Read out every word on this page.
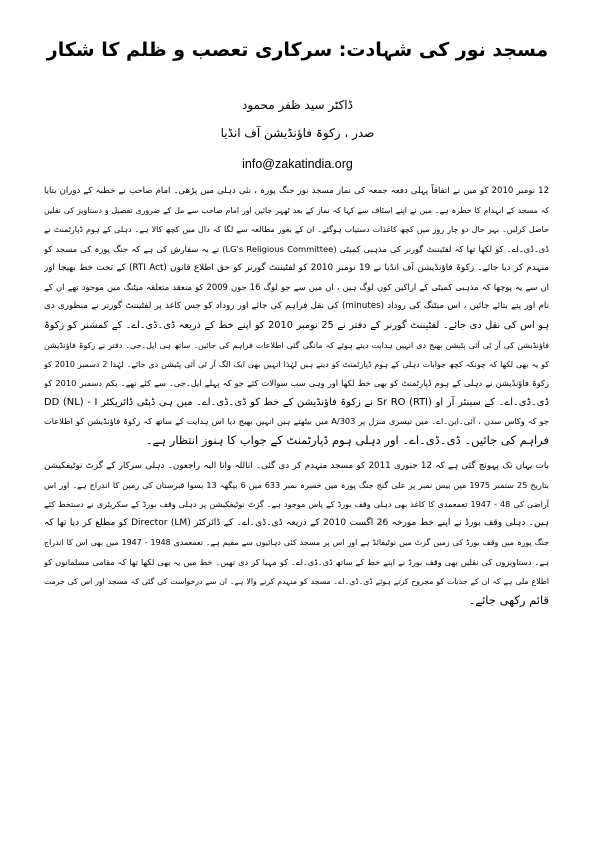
مسجد نور کی شہادت: سرکاری تعصب و ظلم کا شکار
ڈاکٹر سید ظفر محمود
صدر ، زکوۃ فاؤنڈیشن آف انڈیا
info@zakatindia.org
12 نومبر 2010 کو میں نے اتفاقاً پہلی دفعہ جمعہ کی نماز مسجد نور جنگ پورہ ، نئی دہلی میں پڑھی۔ امام صاحب نے خطبہ کے دوران بتایا
کہ مسجد کے انہدام کا خطرہ ہے۔ میں نے اپنے اسٹاف سے کہا کہ نماز کے بعد ٹھہر جائیں اور امام صاحب سے مل کے ضروری تفصیل و دستاویز کی نقلیں
حاصل کرلیں۔ بہر حال دو چار روز میں کچھ کاغذات دستیاب ہوگئے۔ ان کے بغور مطالعہ سے لگا کہ دال میں کچھ کالا ہے۔ دہلی کے ہوم ڈپارٹمنٹ نے
ڈی۔ڈی۔اے۔ کو لکھا تھا کہ لفٹیننٹ گورنر کی مذہبی کمیٹی (LG's Religious Committee) نے یہ سفارش کی ہے کہ جنگ پورہ کی مسجد کو
منہدم کر دیا جائے۔ زکوۃ فاؤنڈیشن آف انڈیا نے 19 نومبر 2010 کو لفٹیننٹ گورنر کو حق اطلاع قانون (RTI Act) کے تحت خط بھیجا اور
ان سے یہ پوچھا کہ مذہبی کمیٹی کے اراکین کون لوگ ہیں ، ان میں سے جو لوگ 16 جون 2009 کو منعقد متعلقہ میٹنگ میں موجود تھے ان کے
نام اور پتے بتائے جائیں ، اس میٹنگ کی روداد (minutes) کی نقل فراہم کی جائے اور روداد کو جس کاغذ پر لفٹیننٹ گورنر نے منظوری دی
ہو اس کی نقل دی جائے۔ لفٹیننٹ گورنر کے دفتر نے 25 نومبر 2010 کو اپنے خط کے ذریعہ ڈی۔ڈی۔اے۔ کے کمشنر کو زکوۃ
فاؤنڈیشن کی آر ٹی آئی پٹیشن بھیج دی انہیں ہدایت دیتے ہوئے کہ مانگی گئی اطلاعات فراہم کی جائیں۔ ساتھ ہی ایل۔جی۔ دفتر نے زکوۃ فاؤنڈیشن
کو یہ بھی لکھا کہ چونکہ کچھ جوابات دہلی کے ہوم ڈپارٹمنٹ کو دینے ہیں لہٰذا انہیں بھی ایک الگ آر ٹی آئی پٹیشن دی جائے۔ لہٰذا 2 دسمبر 2010 کو
زکوۃ فاؤنڈیشن نے دہلی کے ہوم ڈپارٹمنٹ کو بھی خط لکھا اور وہی سب سوالات کئے جو کہ پہلے ایل۔جی۔ سے کئے تھے۔ یکم دسمبر 2010 کو
ڈی۔ڈی۔اے۔ کے سینئر آر او (Sr RO (RTI نے زکوۃ فاؤنڈیشن کے خط کو ڈی۔ڈی۔اے۔ میں ہی ڈپٹی ڈائریکٹر DD (NL) - I
جو کہ وکاس سدن ، آئی۔این۔اے۔ میں تیسری منزل پر A/303 میں بیٹھتے ہیں انہیں بھیج دیا اس ہدایت کے ساتھ کہ زکوۃ فاؤنڈیشن کو اطلاعات
فراہم کی جائیں۔ ڈی۔ڈی۔اے۔ اور دہلی ہوم ڈپارٹمنٹ کے جواب کا ہنوز انتظار ہے۔
بات یہاں تک پہونچ گئی ہے کہ 12 جنوری 2011 کو مسجد منہدم کر دی گئی۔ اناللہ وانا الیہ راجعون۔ دہلی سرکار کے گزٹ نوٹیفکیشن
بتاریخ 25 ستمبر 1975 میں بیس نمبر پر علی گنج جنگ پورہ میں خسرہ نمبر 633 میں 6 بیگھہ 13 بسوا قبرستان کی زمین کا اندراج ہے۔ اور اس
آراضی کی 48 - 1947 تعمعمدی کا کاغذ بھی دہلی وقف بورڈ کے پاس موجود ہے۔ گزٹ نوٹیفکیشن پر دہلی وقف بورڈ کے سکریٹری نے دستخط کئے
ہیں۔ دہلی وقف بورڈ نے اپنے خط مورخہ 26 اگست 2010 کے ذریعہ ڈی۔ڈی۔اے۔ کے ڈائرکٹر (Director (LM کو مطلع کر دیا تھا کہ
جنگ پورہ میں وقف بورڈ کی زمین گزٹ میں نوٹیفائڈ ہے اور اس پر مسجد کئی دہائیوں سے مقیم ہے۔ تعمعمدی 1948 - 1947 میں بھی اس کا اندراج
ہے۔ دستاویزوں کی نقلیں بھی وقف بورڈ نے اپنے خط کے ساتھ ڈی۔ڈی۔اے۔ کو مہیا کر دی تھیں۔ خط میں یہ بھی لکھا تھا کہ مقامی مسلمانوں کو
اطلاع ملی ہے کہ ان کے جذبات کو مجروح کرتے ہوئے ڈی۔ڈی۔اے۔ مسجد کو منہدم کرنے والا ہے۔ ان سے درخواست کی گئی کہ مسجد اور اس کی حرمت
قائم رکھی جائے۔
